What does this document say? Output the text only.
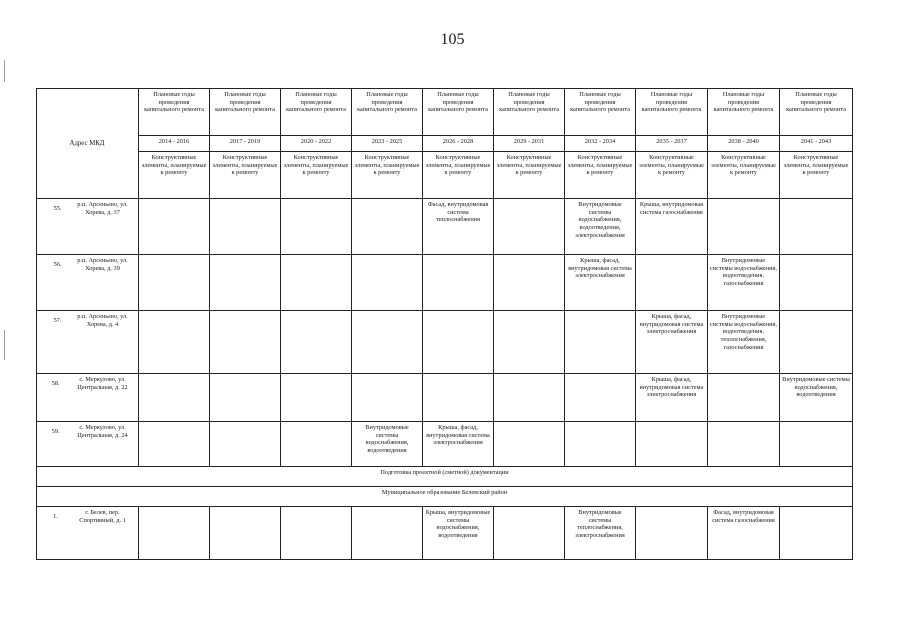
105
	Плановые годы проведения капитального ремонта	Плановые годы проведения капитального ремонта	Плановые годы проведения капитального ремонта	Плановые годы проведения капитального ремонта	Плановые годы проведения капитального ремонта	Плановые годы проведения капитального ремонта	Плановые годы проведения капитального ремонта	Плановые годы проведения капитального ремонта	Плановые годы проведения капитального ремонта	Плановые годы проведения капитального ремонта
	2014 - 2016	2017 - 2019	2020 - 2022	2023 - 2025	2026 - 2028	2029 - 2031	2032 - 2034	2035 - 2037	2038 - 2040	2041 - 2043
	Конструктивные элементы, планируемые к ремонту	Конструктивные элементы, планируемые к ремонту	Конструктивные элементы, планируемые к ремонту	Конструктивные элементы, планируемые к ремонту	Конструктивные элементы, планируемые к ремонту	Конструктивные элементы, планируемые к ремонту	Конструктивные элементы, планируемые к ремонту	Конструктивные элементы, планируемые к ремонту	Конструктивные элементы, планируемые к ремонту	Конструктивные элементы, планируемые к ремонту
55.р.п. Арсеньево, ул. Хорева, д. 37					Фасад, внутридомовая система теплоснабжения		Внутридомовые системы водоснабжения, водоотведения, электроснабжения	Крыша, внутридомовая система газоснабжения		
56.р.п. Арсеньево, ул. Хорева, д. 39							Крыша, фасад, внутридомовая система электроснабжения		Внутридомовые системы водоснабжения, водоотведения, газоснабжения	
57.р.п. Арсеньево, ул. Хорева, д. 4								Крыша, фасад, внутридомовая система электроснабжения	Внутридомовые системы водоснабжения, водоотведения, теплоснабжения, газоснабжения	
58.с. Меркулово, ул. Центральная, д. 22								Крыша, фасад, внутридомовая система электроснабжения		Внутридомовые системы водоснабжения, водоотведения
59.с. Меркулово, ул. Центральная, д. 24				Внутридомовые системы водоснабжения, водоотведения	Крыша, фасад, внутридомовая система электроснабжения					
Подготовка проектной (сметной) документации										
Муниципальное образование Белевский район										
1.г. Белев, пер. Спортивный, д. 1					Крыша, внутридомовые системы водоснабжения, водоотведения		Внутридомовые системы теплоснабжения, электроснабжения		Фасад, внутридомовая система газоснабжения	
Адрес МКД
